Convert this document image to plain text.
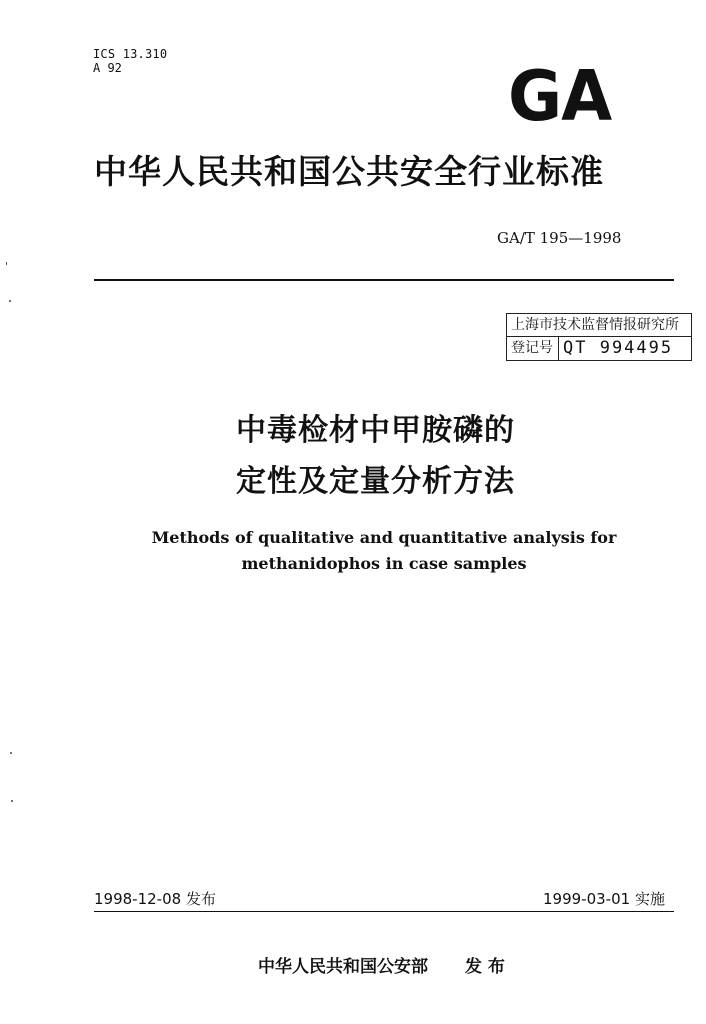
ICS 13.310
A 92	GA
中华人民共和国公共安全行业标准
GA/T 195—1998
上海市技术监督情报研究所
登记号 QT 994495
中毒检材中甲胺磷的
定性及定量分析方法
Methods of qualitative and quantitative analysis for
methanidophos in case samples
1998-12-08 发布	1999-03-01 实施
中华人民共和国公安部 发 布
